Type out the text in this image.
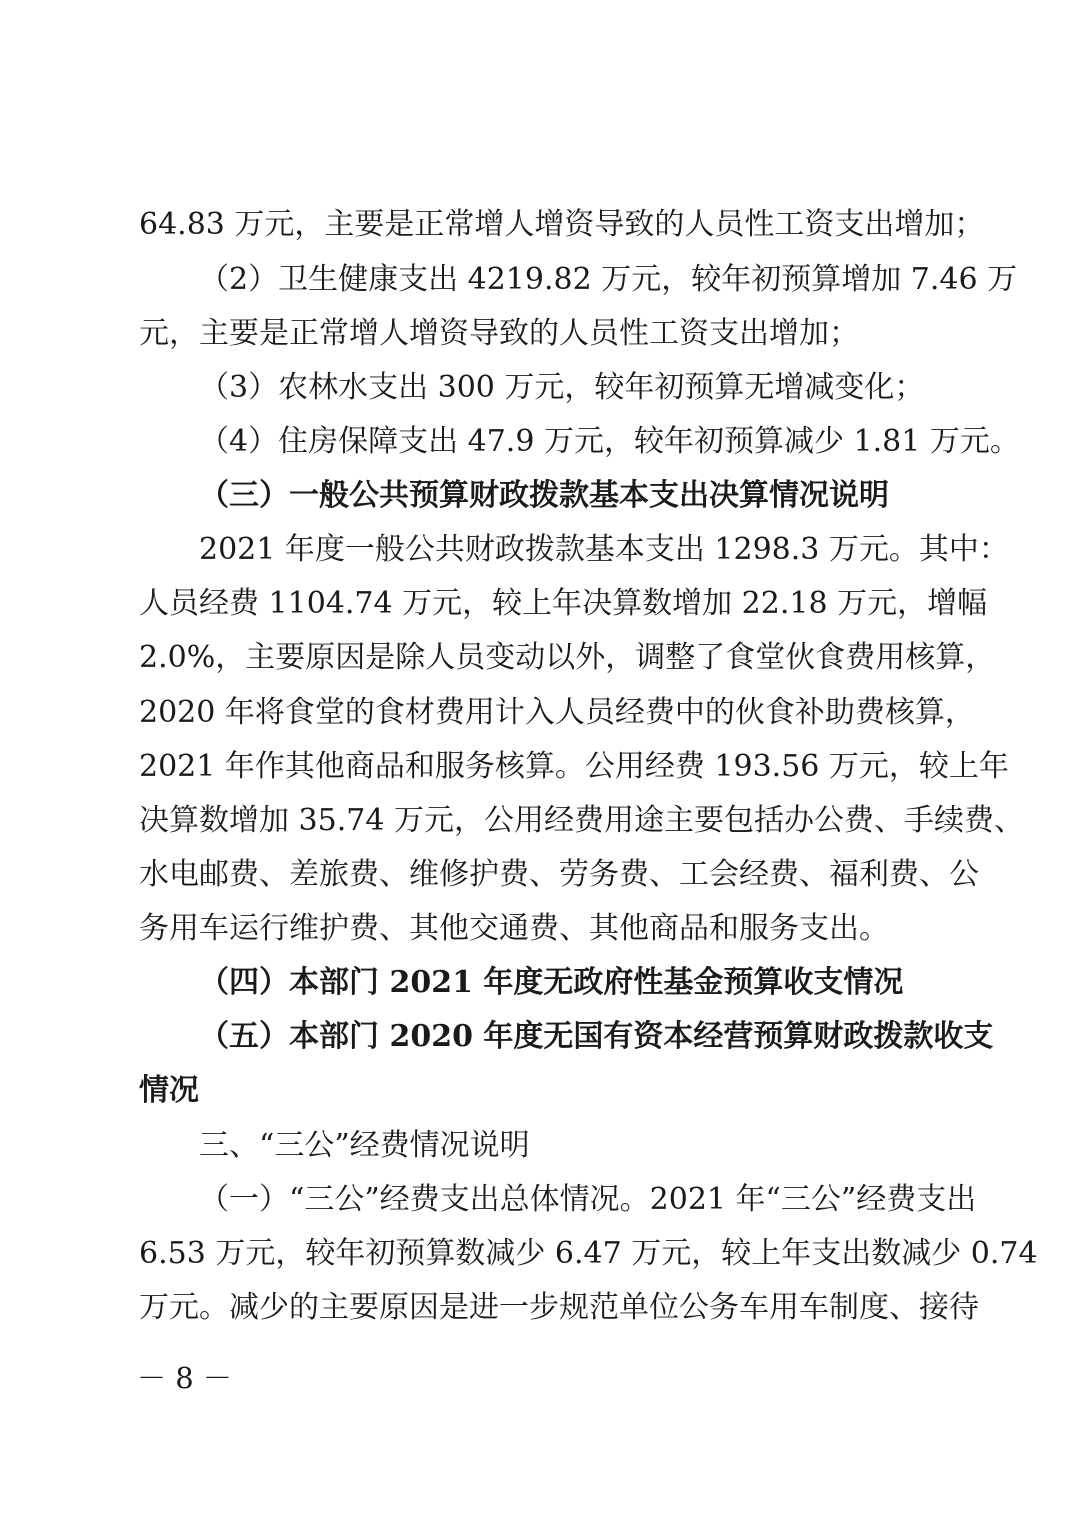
64.83 万元，主要是正常增人增资导致的人员性工资支出增加；
（2）卫生健康支出 4219.82 万元，较年初预算增加 7.46 万
元，主要是正常增人增资导致的人员性工资支出增加；
（3）农林水支出 300 万元，较年初预算无增减变化；
（4）住房保障支出 47.9 万元，较年初预算减少 1.81 万元。
（三）一般公共预算财政拨款基本支出决算情况说明
2021 年度一般公共财政拨款基本支出 1298.3 万元。其中：
人员经费 1104.74 万元，较上年决算数增加 22.18 万元，增幅
2.0%，主要原因是除人员变动以外，调整了食堂伙食费用核算，
2020 年将食堂的食材费用计入人员经费中的伙食补助费核算，
2021 年作其他商品和服务核算。公用经费 193.56 万元，较上年
决算数增加 35.74 万元，公用经费用途主要包括办公费、手续费、
水电邮费、差旅费、维修护费、劳务费、工会经费、福利费、公
务用车运行维护费、其他交通费、其他商品和服务支出。
（四）本部门 2021 年度无政府性基金预算收支情况
（五）本部门 2020 年度无国有资本经营预算财政拨款收支
情况
三、“三公”经费情况说明
（一）“三公”经费支出总体情况。2021 年“三公”经费支出
6.53 万元，较年初预算数减少 6.47 万元，较上年支出数减少 0.74
万元。减少的主要原因是进一步规范单位公务车用车制度、接待
－ 8 －
